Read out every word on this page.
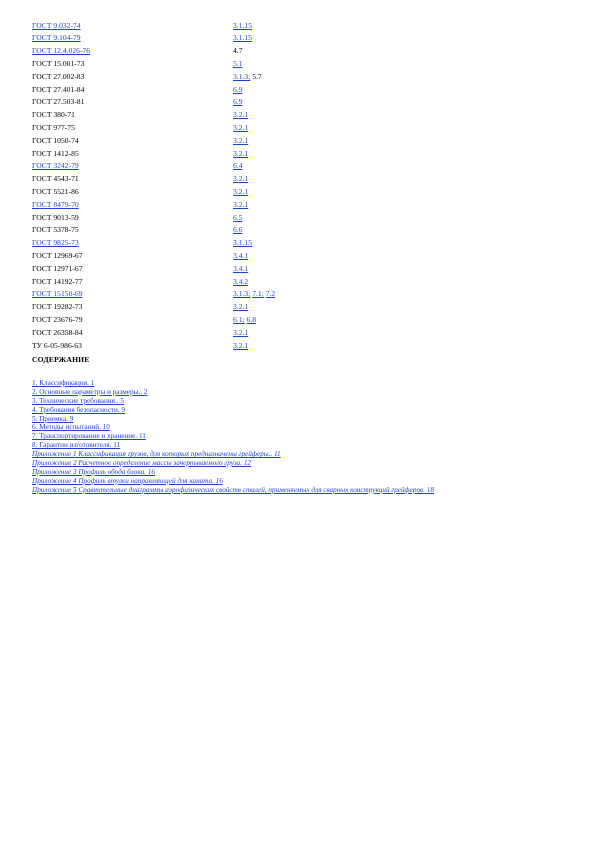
ГОСТ 9.032-74	3.1.15
ГОСТ 9.104-79	3.1.15
ГОСТ 12.4.026-76	4.7
ГОСТ 15.001-73	5.1
ГОСТ 27.002-83	3.1.3; 5.7
ГОСТ 27.401-84	6.9
ГОСТ 27.503-81	6.9
ГОСТ 380-71	3.2.1
ГОСТ 977-75	3.2.1
ГОСТ 1050-74	3.2.1
ГОСТ 1412-85	3.2.1
ГОСТ 3242-79	6.4
ГОСТ 4543-71	3.2.1
ГОСТ 5521-86	3.2.1
ГОСТ 8479-70	3.2.1
ГОСТ 9013-59	6.5
ГОСТ 5378-75	6.6
ГОСТ 9825-73	3.1.15
ГОСТ 12969-67	3.4.1
ГОСТ 12971-67	3.4.1
ГОСТ 14192-77	3.4.2
ГОСТ 15150-69	3.1.3; 7.1; 7.2
ГОСТ 19282-73	3.2.1
ГОСТ 23676-79	6.1; 6.8
ГОСТ 26358-84	3.2.1
ТУ 6-05-986-63	3.2.1
СОДЕРЖАНИЕ
1. Классификация. 1
2. Основные параметры и размеры.. 2
3. Технические требования.. 5
4. Требования безопасности. 9
5. Приемка. 9
6. Методы испытаний. 10
7. Транспортирование и хранение. 11
8. Гарантии изготовителя. 11
Приложение 1 Классификация грузов, для которых предназначены грейферы.. 11
Приложение 2 Расчетное определение массы зачерпываемого груза. 12
Приложение 3 Профиль обода блока. 16
Приложение 4 Профиль втулки направляющей для каната. 16
Приложение 5 Сравнительные диаграммы аэрофизических свойств сталей, применяемых для сварных конструкций грейферов. 18
